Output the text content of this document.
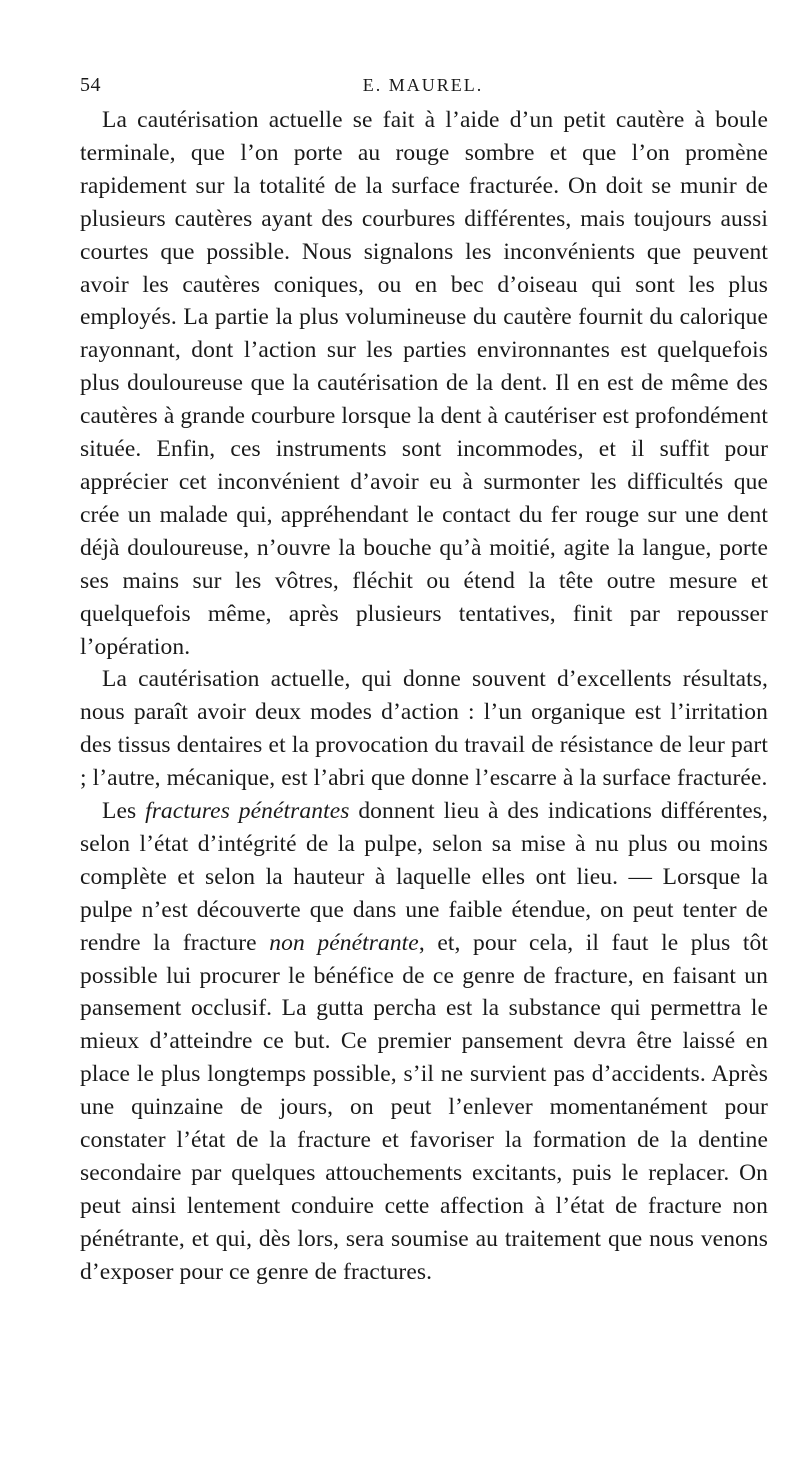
54	E. MAUREL.

La cautérisation actuelle se fait à l’aide d’un petit cautère à boule terminale, que l’on porte au rouge sombre et que l’on promène rapidement sur la totalité de la surface fracturée. On doit se munir de plusieurs cautères ayant des courbures différentes, mais toujours aussi courtes que possible. Nous signalons les inconvénients que peuvent avoir les cautères coniques, ou en bec d’oiseau qui sont les plus employés. La partie la plus volumineuse du cautère fournit du calorique rayonnant, dont l’action sur les parties environnantes est quelquefois plus douloureuse que la cautérisation de la dent. Il en est de même des cautères à grande courbure lorsque la dent à cautériser est profondément située. Enfin, ces instruments sont incommodes, et il suffit pour apprécier cet inconvénient d’avoir eu à surmonter les difficultés que crée un malade qui, appréhendant le contact du fer rouge sur une dent déjà douloureuse, n’ouvre la bouche qu’à moitié, agite la langue, porte ses mains sur les vôtres, fléchit ou étend la tête outre mesure et quelquefois même, après plusieurs tentatives, finit par repousser l’opération.

La cautérisation actuelle, qui donne souvent d’excellents résultats, nous paraît avoir deux modes d’action : l’un organique est l’irritation des tissus dentaires et la provocation du travail de résistance de leur part ; l’autre, mécanique, est l’abri que donne l’escarre à la surface fracturée.

Les fractures pénétrantes donnent lieu à des indications différentes, selon l’état d’intégrité de la pulpe, selon sa mise à nu plus ou moins complète et selon la hauteur à laquelle elles ont lieu. — Lorsque la pulpe n’est découverte que dans une faible étendue, on peut tenter de rendre la fracture non pénétrante, et, pour cela, il faut le plus tôt possible lui procurer le bénéfice de ce genre de fracture, en faisant un pansement occlusif. La gutta percha est la substance qui permettra le mieux d’atteindre ce but. Ce premier pansement devra être laissé en place le plus longtemps possible, s’il ne survient pas d’accidents. Après une quinzaine de jours, on peut l’enlever momentanément pour constater l’état de la fracture et favoriser la formation de la dentine secondaire par quelques attouchements excitants, puis le replacer. On peut ainsi lentement conduire cette affection à l’état de fracture non pénétrante, et qui, dès lors, sera soumise au traitement que nous venons d’exposer pour ce genre de fractures.
